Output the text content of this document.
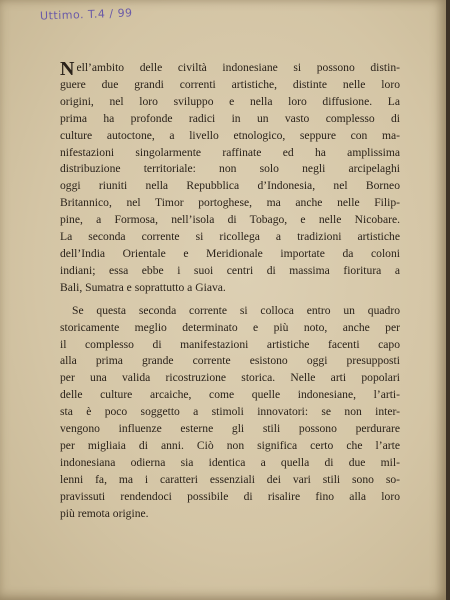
Uttimo. T.4 / 99
N ell’ambito delle civiltà indonesiane si possono distin-
guere due grandi correnti artistiche, distinte nelle loro
origini, nel loro sviluppo e nella loro diffusione. La
prima ha profonde radici in un vasto complesso di
culture autoctone, a livello etnologico, seppure con ma-
nifestazioni singolarmente raffinate ed ha amplissima
distribuzione territoriale: non solo negli arcipelaghi
oggi riuniti nella Repubblica d’Indonesia, nel Borneo
Britannico, nel Timor portoghese, ma anche nelle Filip-
pine, a Formosa, nell’isola di Tobago, e nelle Nicobare.
La seconda corrente si ricollega a tradizioni artistiche
dell’India Orientale e Meridionale importate da coloni
indiani; essa ebbe i suoi centri di massima fioritura a
Bali, Sumatra e soprattutto a Giava.
Se questa seconda corrente si colloca entro un quadro
storicamente meglio determinato e più noto, anche per
il complesso di manifestazioni artistiche facenti capo
alla prima grande corrente esistono oggi presupposti
per una valida ricostruzione storica. Nelle arti popolari
delle culture arcaiche, come quelle indonesiane, l’arti-
sta è poco soggetto a stimoli innovatori: se non inter-
vengono influenze esterne gli stili possono perdurare
per migliaia di anni. Ciò non significa certo che l’arte
indonesiana odierna sia identica a quella di due mil-
lenni fa, ma i caratteri essenziali dei vari stili sono so-
pravissuti rendendoci possibile di risalire fino alla loro
più remota origine.
